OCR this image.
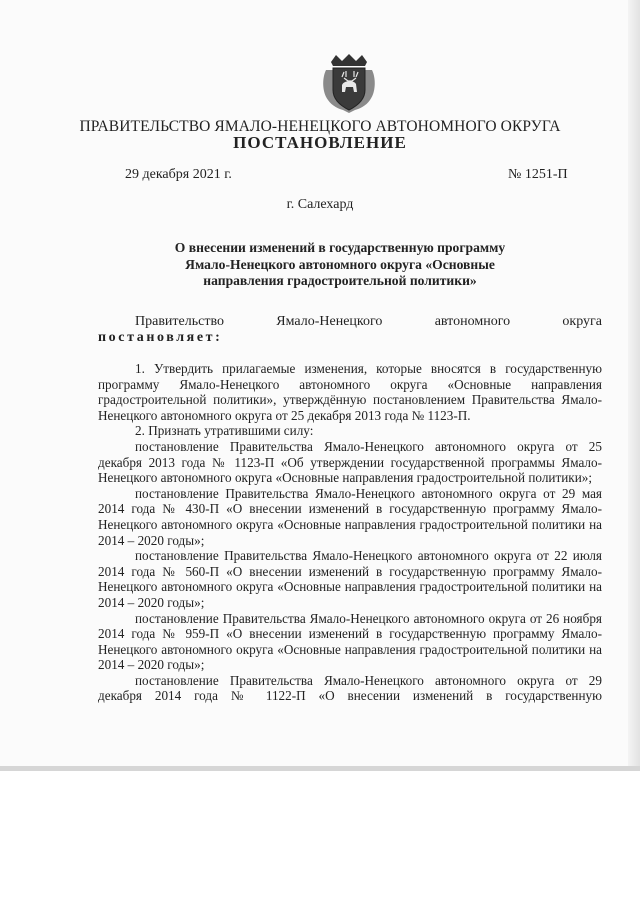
ПРАВИТЕЛЬСТВО ЯМАЛО-НЕНЕЦКОГО АВТОНОМНОГО ОКРУГА
ПОСТАНОВЛЕНИЕ
29 декабря 2021 г.	№ 1251-П
г. Салехард
О внесении изменений в государственную программу
Ямало-Ненецкого автономного округа «Основные
направления градостроительной политики»
Правительство	Ямало-Ненецкого	автономного	округа
постановляет:

1. Утвердить прилагаемые изменения, которые вносятся в государственную программу Ямало-Ненецкого автономного округа «Основные направления градостроительной политики», утверждённую постановлением Правительства Ямало-Ненецкого автономного округа от 25 декабря 2013 года № 1123-П.

2. Признать утратившими силу:

постановление Правительства Ямало-Ненецкого автономного округа от 25 декабря 2013 года № 1123-П «Об утверждении государственной программы Ямало-Ненецкого автономного округа «Основные направления градостроительной политики»;

постановление Правительства Ямало-Ненецкого автономного округа от 29 мая 2014 года № 430-П «О внесении изменений в государственную программу Ямало-Ненецкого автономного округа «Основные направления градостроительной политики на 2014 – 2020 годы»;

постановление Правительства Ямало-Ненецкого автономного округа от 22 июля 2014 года № 560-П «О внесении изменений в государственную программу Ямало-Ненецкого автономного округа «Основные направления градостроительной политики на 2014 – 2020 годы»;

постановление Правительства Ямало-Ненецкого автономного округа от 26 ноября 2014 года № 959-П «О внесении изменений в государственную программу Ямало-Ненецкого автономного округа «Основные направления градостроительной политики на 2014 – 2020 годы»;

постановление Правительства Ямало-Ненецкого автономного округа от 29 декабря 2014 года № 1122-П «О внесении изменений в государственную
